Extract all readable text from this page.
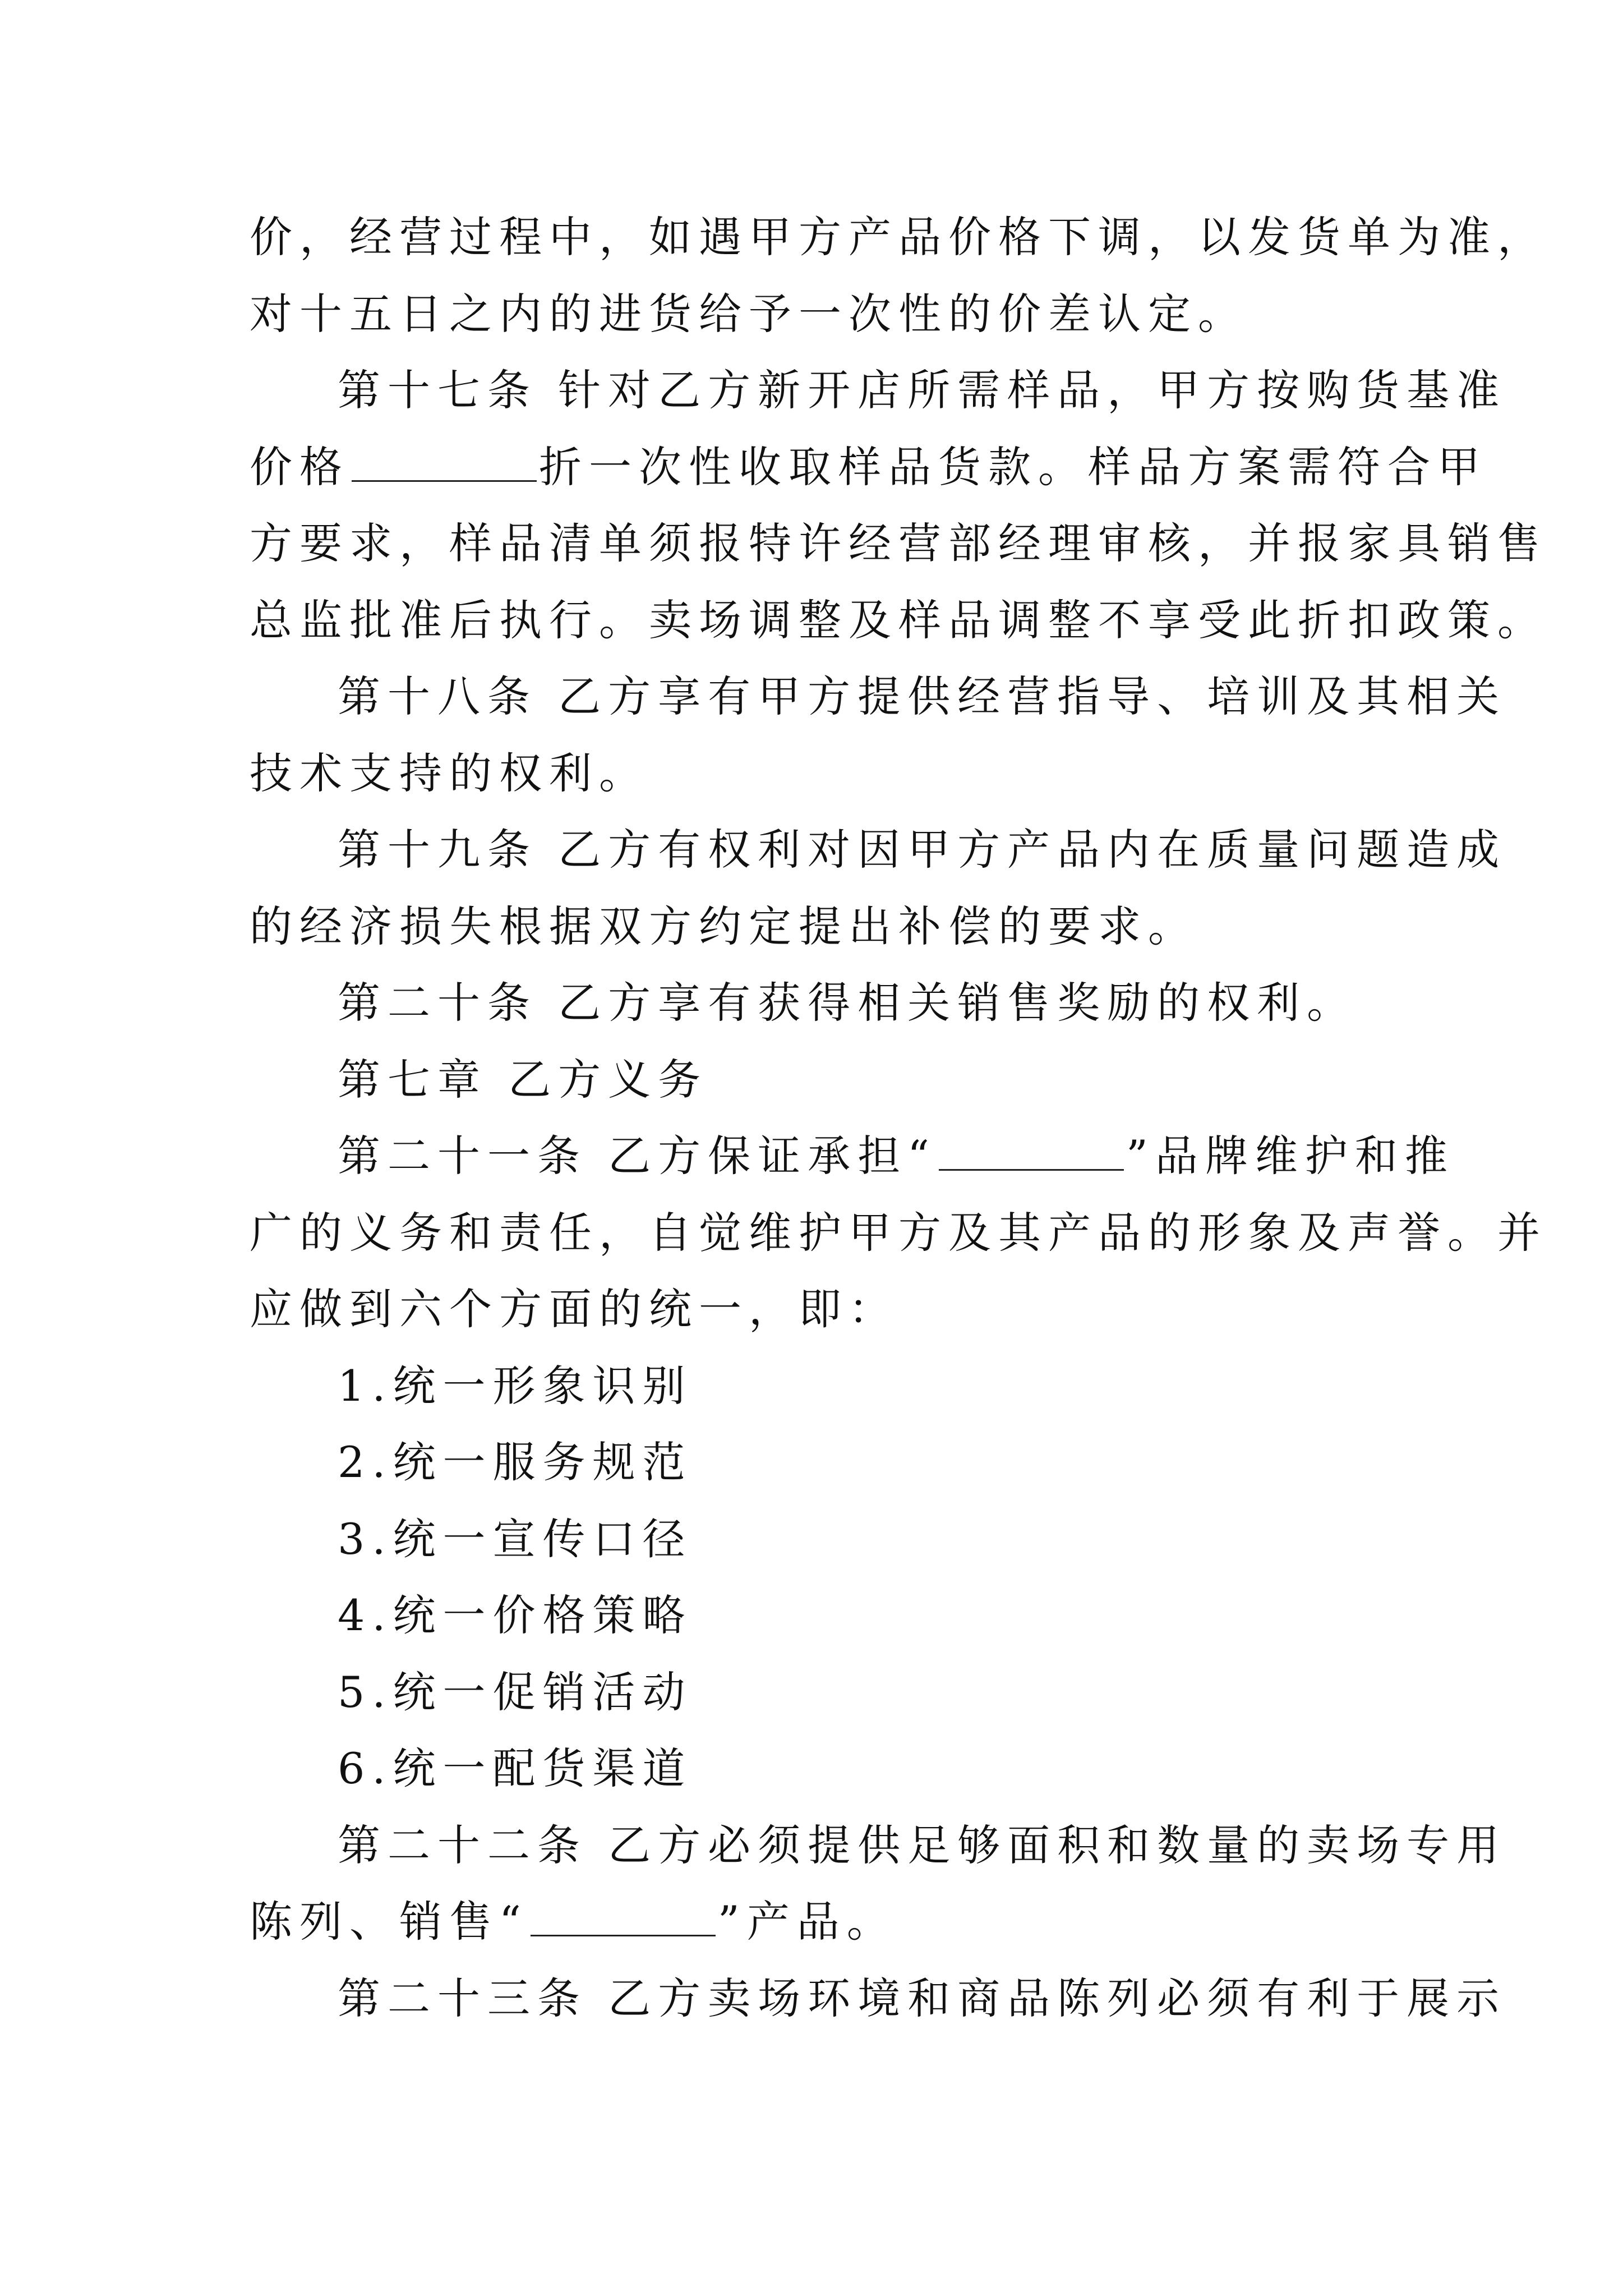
价，经营过程中，如遇甲方产品价格下调，以发货单为准，
对十五日之内的进货给予一次性的价差认定。
第十七条 针对乙方新开店所需样品，甲方按购货基准
价格	折一次性收取样品货款。样品方案需符合甲
方要求，样品清单须报特许经营部经理审核，并报家具销售
总监批准后执行。卖场调整及样品调整不享受此折扣政策。
第十八条 乙方享有甲方提供经营指导、培训及其相关
技术支持的权利。
第十九条 乙方有权利对因甲方产品内在质量问题造成
的经济损失根据双方约定提出补偿的要求。
第二十条 乙方享有获得相关销售奖励的权利。
第七章 乙方义务
第二十一条 乙方保证承担“	”品牌维护和推
广的义务和责任，自觉维护甲方及其产品的形象及声誉。并
应做到六个方面的统一，即：
1.统一形象识别
2.统一服务规范
3.统一宣传口径
4.统一价格策略
5.统一促销活动
6.统一配货渠道
第二十二条 乙方必须提供足够面积和数量的卖场专用
陈列、销售“	”产品。
第二十三条 乙方卖场环境和商品陈列必须有利于展示
